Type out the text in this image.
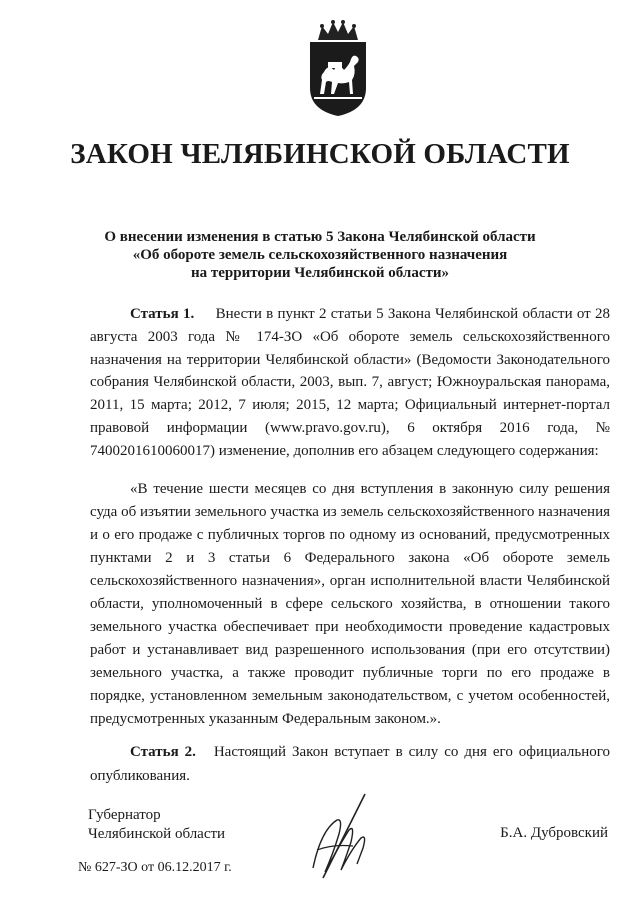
ЗАКОН ЧЕЛЯБИНСКОЙ ОБЛАСТИ
О внесении изменения в статью 5 Закона Челябинской области
«Об обороте земель сельскохозяйственного назначения
на территории Челябинской области»

Статья 1. Внести в пункт 2 статьи 5 Закона Челябинской области от 28 августа 2003 года № 174-ЗО «Об обороте земель сельскохозяйственного назначения на территории Челябинской области» (Ведомости Законодательного собрания Челябинской области, 2003, вып. 7, август; Южноуральская панорама, 2011, 15 марта; 2012, 7 июля; 2015, 12 марта; Официальный интернет-портал правовой информации (www.pravo.gov.ru), 6 октября 2016 года, № 7400201610060017) изменение, дополнив его абзацем следующего содержания:

«В течение шести месяцев со дня вступления в законную силу решения суда об изъятии земельного участка из земель сельскохозяйственного назначения и о его продаже с публичных торгов по одному из оснований, предусмотренных пунктами 2 и 3 статьи 6 Федерального закона «Об обороте земель сельскохозяйственного назначения», орган исполнительной власти Челябинской области, уполномоченный в сфере сельского хозяйства, в отношении такого земельного участка обеспечивает при необходимости проведение кадастровых работ и устанавливает вид разрешенного использования (при его отсутствии) земельного участка, а также проводит публичные торги по его продаже в порядке, установленном земельным законодательством, с учетом особенностей, предусмотренных указанным Федеральным законом.».

Статья 2. Настоящий Закон вступает в силу со дня его официального опубликования.

Губернатор
Челябинской области	Б.А. Дубровский
№ 627-ЗО от 06.12.2017 г.
